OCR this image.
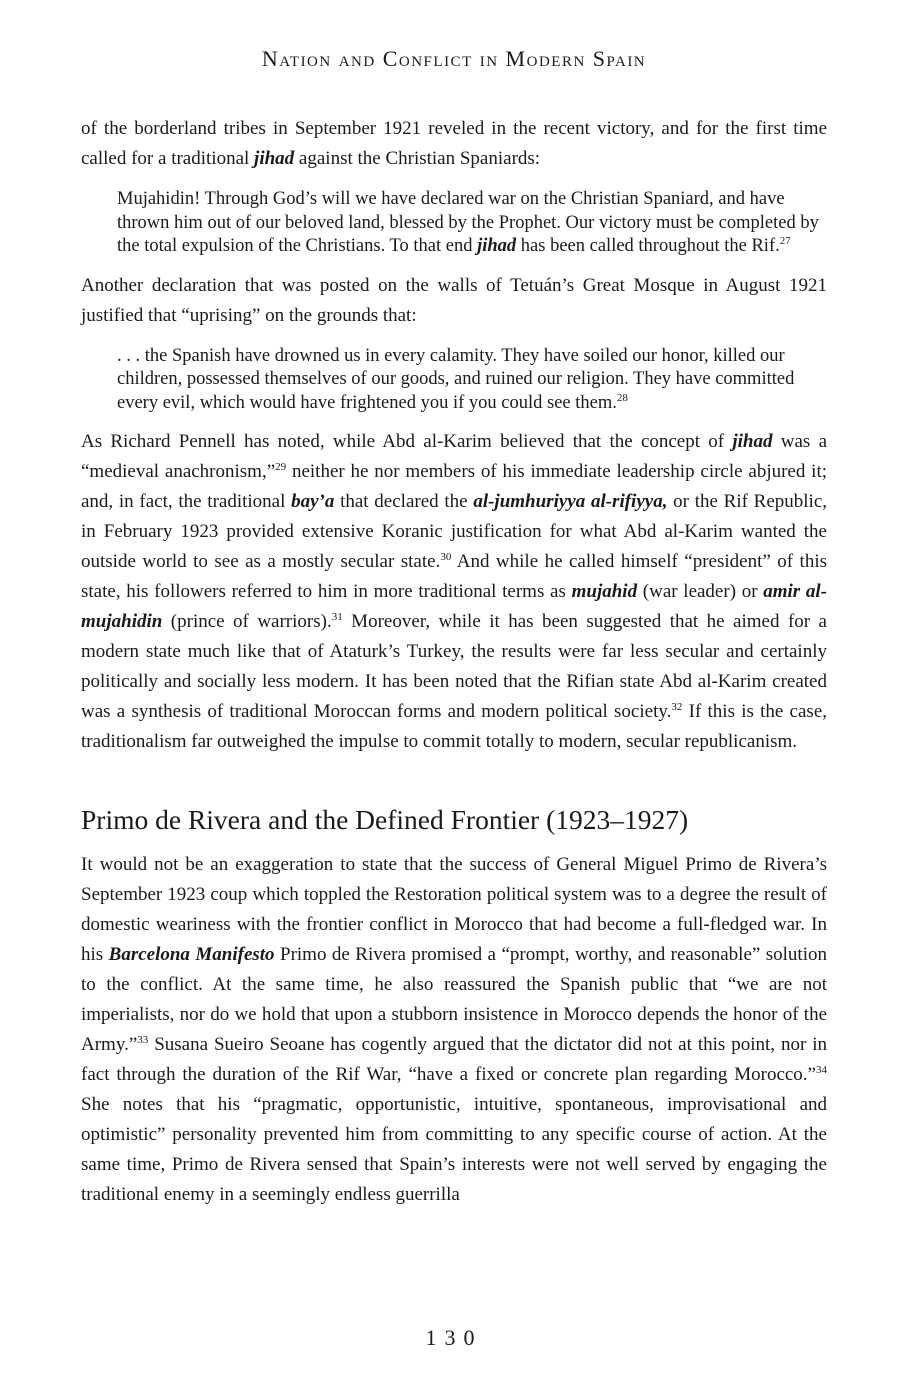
Nation and Conflict in Modern Spain

of the borderland tribes in September 1921 reveled in the recent victory, and for the first time called for a traditional jihad against the Christian Spaniards:

Mujahidin! Through God’s will we have declared war on the Christian Spaniard, and have thrown him out of our beloved land, blessed by the Prophet. Our victory must be completed by the total expulsion of the Christians. To that end jihad has been called throughout the Rif.$^{27}$

Another declaration that was posted on the walls of Tetuán’s Great Mosque in August 1921 justified that “uprising” on the grounds that:

. . . the Spanish have drowned us in every calamity. They have soiled our honor, killed our children, possessed themselves of our goods, and ruined our religion. They have committed every evil, which would have frightened you if you could see them.$^{28}$

As Richard Pennell has noted, while Abd al-Karim believed that the concept of jihad was a “medieval anachronism,”$^{29}$ neither he nor members of his immediate leadership circle abjured it; and, in fact, the traditional bay’a that declared the al-jumhuriyya al-rifiyya, or the Rif Republic, in February 1923 provided extensive Koranic justification for what Abd al-Karim wanted the outside world to see as a mostly secular state.$^{30}$ And while he called himself “president” of this state, his followers referred to him in more traditional terms as mujahid (war leader) or amir al-mujahidin (prince of warriors).$^{31}$ Moreover, while it has been suggested that he aimed for a modern state much like that of Ataturk’s Turkey, the results were far less secular and certainly politically and socially less modern. It has been noted that the Rifian state Abd al-Karim created was a synthesis of traditional Moroccan forms and modern political society.$^{32}$ If this is the case, traditionalism far outweighed the impulse to commit totally to modern, secular republicanism.

Primo de Rivera and the Defined Frontier (1923–1927)

It would not be an exaggeration to state that the success of General Miguel Primo de Rivera’s September 1923 coup which toppled the Restoration political system was to a degree the result of domestic weariness with the frontier conflict in Morocco that had become a full-fledged war. In his Barcelona Manifesto Primo de Rivera promised a “prompt, worthy, and reasonable” solution to the conflict. At the same time, he also reassured the Spanish public that “we are not imperialists, nor do we hold that upon a stubborn insistence in Morocco depends the honor of the Army.”$^{33}$ Susana Sueiro Seoane has cogently argued that the dictator did not at this point, nor in fact through the duration of the Rif War, “have a fixed or concrete plan regarding Morocco.”$^{34}$ She notes that his “pragmatic, opportunistic, intuitive, spontaneous, improvisational and optimistic” personality prevented him from committing to any specific course of action. At the same time, Primo de Rivera sensed that Spain’s interests were not well served by engaging the traditional enemy in a seemingly endless guerrilla

130
